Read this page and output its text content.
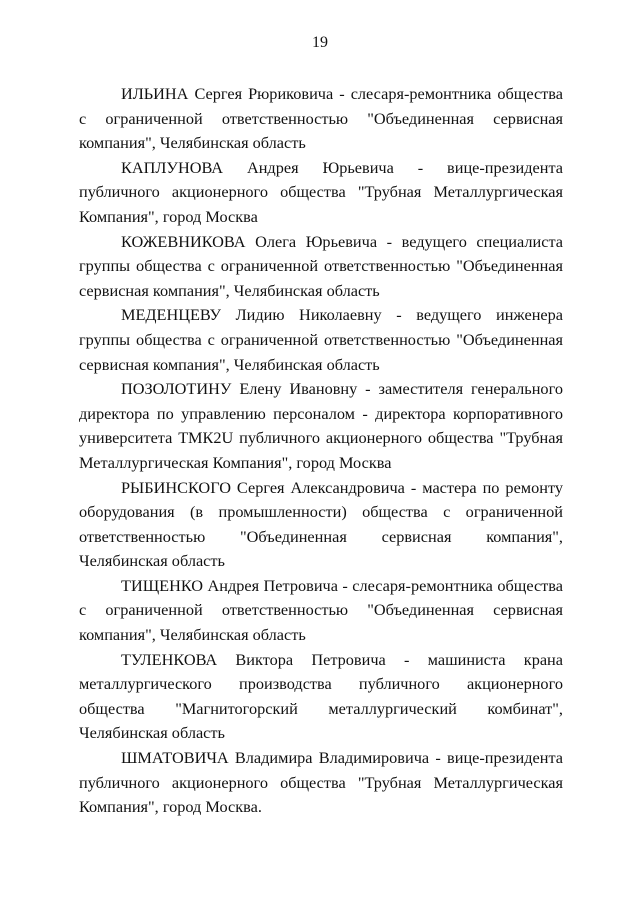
19

ИЛЬИНА Сергея Рюриковича - слесаря-ремонтника общества с ограниченной ответственностью "Объединенная сервисная компания", Челябинская область

КАПЛУНОВА Андрея Юрьевича - вице-президента публичного акционерного общества "Трубная Металлургическая Компания", город Москва

КОЖЕВНИКОВА Олега Юрьевича - ведущего специалиста группы общества с ограниченной ответственностью "Объединенная сервисная компания", Челябинская область

МЕДЕНЦЕВУ Лидию Николаевну - ведущего инженера группы общества с ограниченной ответственностью "Объединенная сервисная компания", Челябинская область

ПОЗОЛОТИНУ Елену Ивановну - заместителя генерального директора по управлению персоналом - директора корпоративного университета ТМК2U публичного акционерного общества "Трубная Металлургическая Компания", город Москва

РЫБИНСКОГО Сергея Александровича - мастера по ремонту оборудования (в промышленности) общества с ограниченной ответственностью "Объединенная сервисная компания", Челябинская область

ТИЩЕНКО Андрея Петровича - слесаря-ремонтника общества с ограниченной ответственностью "Объединенная сервисная компания", Челябинская область

ТУЛЕНКОВА Виктора Петровича - машиниста крана металлургического производства публичного акционерного общества "Магнитогорский металлургический комбинат", Челябинская область

ШМАТОВИЧА Владимира Владимировича - вице-президента публичного акционерного общества "Трубная Металлургическая Компания", город Москва.
